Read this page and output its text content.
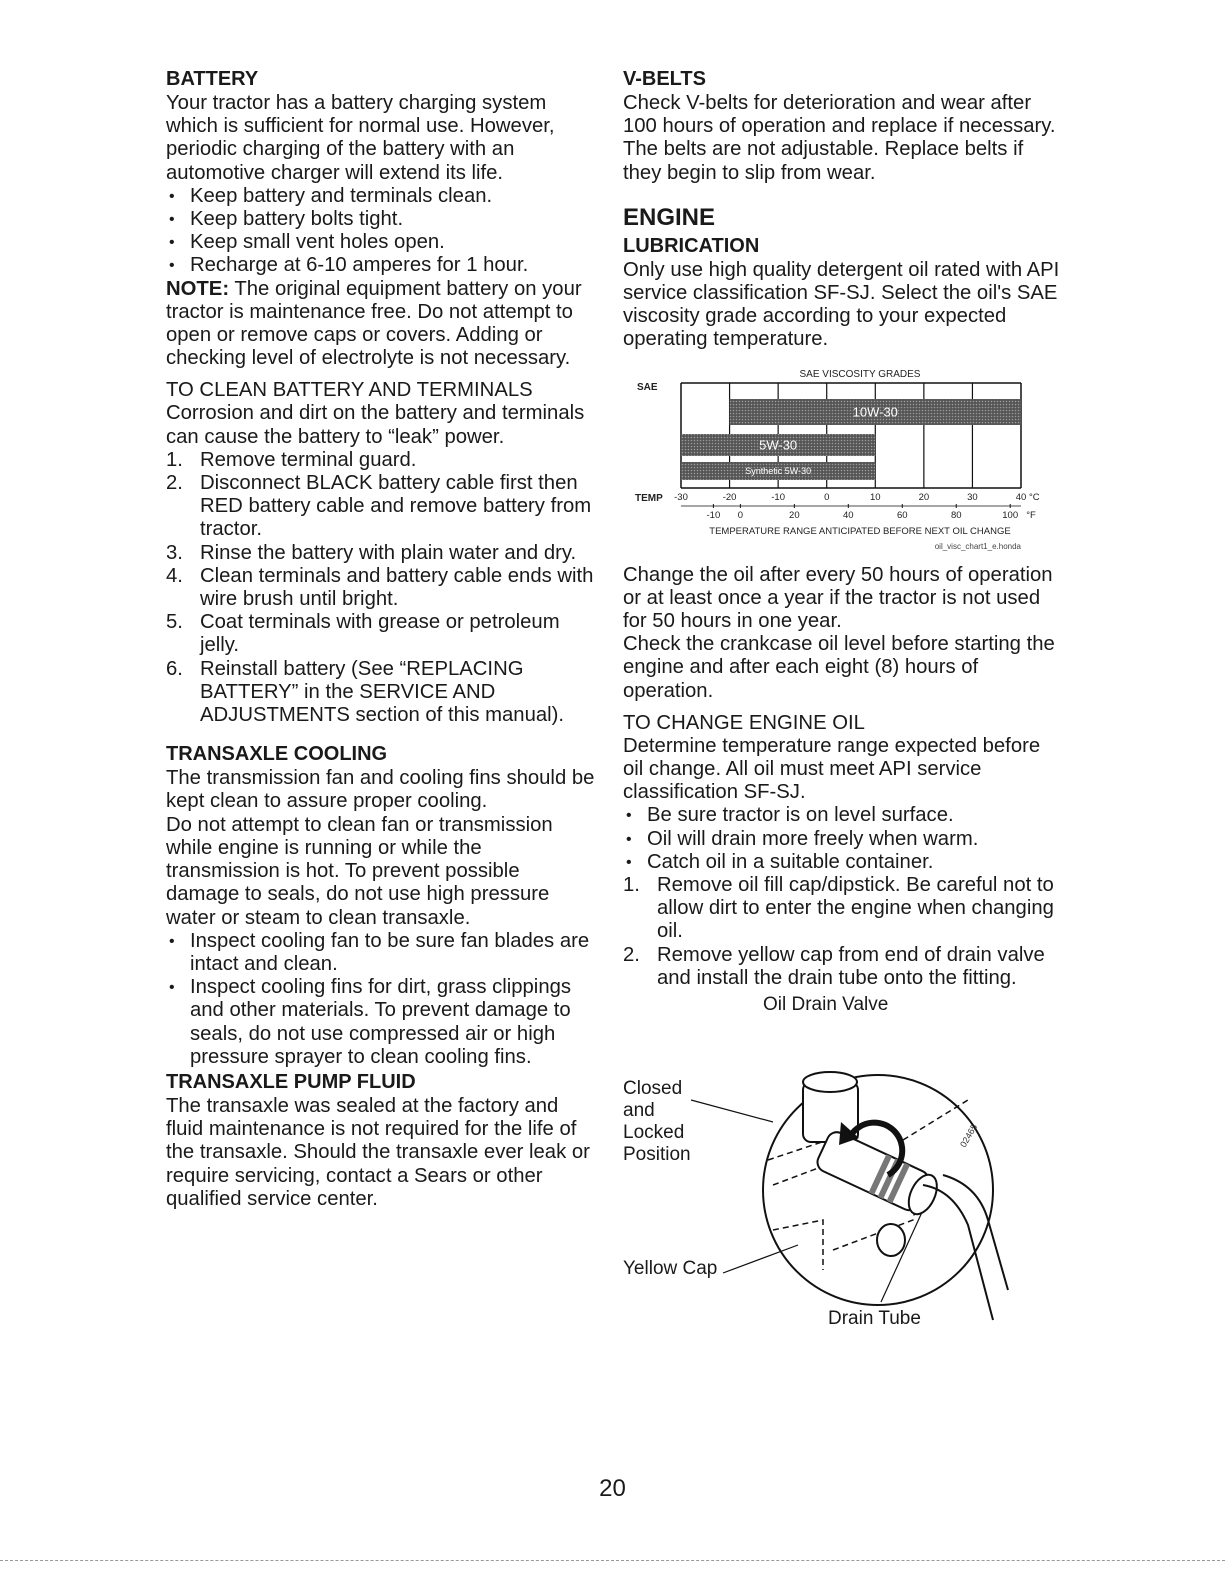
BATTERY

Your tractor has a battery charging system which is sufficient for normal use. However, periodic charging of the battery with an automotive charger will extend its life.

• Keep battery and terminals clean.
• Keep battery bolts tight.
• Keep small vent holes open.
• Recharge at 6-10 amperes for 1 hour.

NOTE: The original equipment battery on your tractor is maintenance free. Do not attempt to open or remove caps or covers. Adding or checking level of electrolyte is not necessary.

TO CLEAN BATTERY AND TERMINALS

Corrosion and dirt on the battery and terminals can cause the battery to “leak” power.

1. Remove terminal guard.
2. Disconnect BLACK battery cable first then RED battery cable and remove battery from tractor.
3. Rinse the battery with plain water and dry.
4. Clean terminals and battery cable ends with wire brush until bright.
5. Coat terminals with grease or petroleum jelly.
6. Reinstall battery (See “REPLACING BATTERY” in the SERVICE AND ADJUSTMENTS section of this manual).
TRANSAXLE COOLING

The transmission fan and cooling fins should be kept clean to assure proper cooling.

Do not attempt to clean fan or transmission while engine is running or while the transmission is hot. To prevent possible damage to seals, do not use high pressure water or steam to clean transaxle.

• Inspect cooling fan to be sure fan blades are intact and clean.
• Inspect cooling fins for dirt, grass clippings and other materials. To prevent damage to seals, do not use compressed air or high pressure sprayer to clean cooling fins.
TRANSAXLE PUMP FLUID

The transaxle was sealed at the factory and fluid maintenance is not required for the life of the transaxle. Should the transaxle ever leak or require servicing, contact a Sears or other qualified service center.

V-BELTS

Check V-belts for deterioration and wear after 100 hours of operation and replace if necessary. The belts are not adjustable. Replace belts if they begin to slip from wear.

ENGINE
LUBRICATION

Only use high quality detergent oil rated with API service classification SF-SJ. Select the oil's SAE viscosity grade according to your expected operating temperature.

SAE VISCOSITY GRADES
SAE
TEMP
10W-30
5W-30
Synthetic 5W-30
-30	-20	-10	0	10	20	30	40 °C
-10 0	20	40	60	80	100 °F
TEMPERATURE RANGE ANTICIPATED BEFORE NEXT OIL CHANGE
oil_visc_chart1_e.honda

Change the oil after every 50 hours of operation or at least once a year if the tractor is not used for 50 hours in one year.

Check the crankcase oil level before starting the engine and after each eight (8) hours of operation.

TO CHANGE ENGINE OIL

Determine temperature range expected before oil change. All oil must meet API service classification SF-SJ.

• Be sure tractor is on level surface.
• Oil will drain more freely when warm.
• Catch oil in a suitable container.
1. Remove oil fill cap/dipstick. Be careful not to allow dirt to enter the engine when changing oil.
2. Remove yellow cap from end of drain valve and install the drain tube onto the fitting.
Oil Drain Valve
Closed
and
Locked
Position
Yellow Cap
Drain Tube
02465
20
